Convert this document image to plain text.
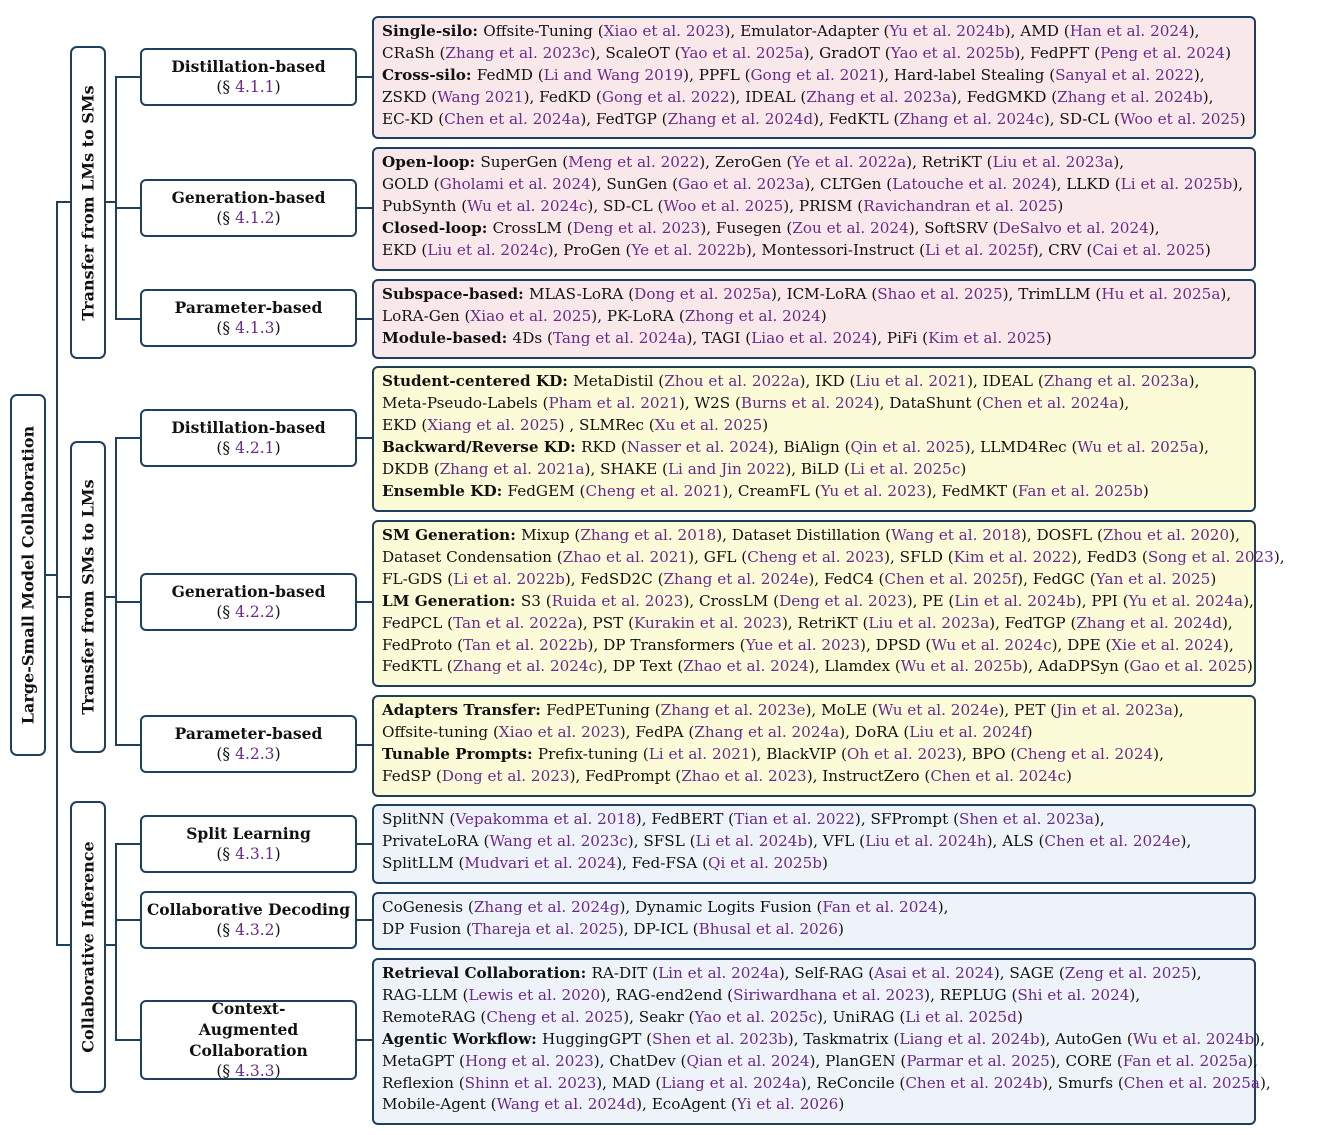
Large-Small Model Collaboration
Transfer from LMs to SMs
Transfer from SMs to LMs
Collaborative Inference
Distillation-based
(§ 4.1.1)
Generation-based
(§ 4.1.2)
Parameter-based
(§ 4.1.3)
Distillation-based
(§ 4.2.1)
Generation-based
(§ 4.2.2)
Parameter-based
(§ 4.2.3)
Split Learning
(§ 4.3.1)
Collaborative Decoding
(§ 4.3.2)
Context-Augmented Collaboration
(§ 4.3.3)
Single-silo: Offsite-Tuning (Xiao et al. 2023), Emulator-Adapter (Yu et al. 2024b), AMD (Han et al. 2024),
CRaSh (Zhang et al. 2023c), ScaleOT (Yao et al. 2025a), GradOT (Yao et al. 2025b), FedPFT (Peng et al. 2024)
Cross-silo: FedMD (Li and Wang 2019), PPFL (Gong et al. 2021), Hard-label Stealing (Sanyal et al. 2022),
ZSKD (Wang 2021), FedKD (Gong et al. 2022), IDEAL (Zhang et al. 2023a), FedGMKD (Zhang et al. 2024b),
EC-KD (Chen et al. 2024a), FedTGP (Zhang et al. 2024d), FedKTL (Zhang et al. 2024c), SD-CL (Woo et al. 2025)
Open-loop: SuperGen (Meng et al. 2022), ZeroGen (Ye et al. 2022a), RetriKT (Liu et al. 2023a),
GOLD (Gholami et al. 2024), SunGen (Gao et al. 2023a), CLTGen (Latouche et al. 2024), LLKD (Li et al. 2025b),
PubSynth (Wu et al. 2024c), SD-CL (Woo et al. 2025), PRISM (Ravichandran et al. 2025)
Closed-loop: CrossLM (Deng et al. 2023), Fusegen (Zou et al. 2024), SoftSRV (DeSalvo et al. 2024),
EKD (Liu et al. 2024c), ProGen (Ye et al. 2022b), Montessori-Instruct (Li et al. 2025f), CRV (Cai et al. 2025)
Subspace-based: MLAS-LoRA (Dong et al. 2025a), ICM-LoRA (Shao et al. 2025), TrimLLM (Hu et al. 2025a),
LoRA-Gen (Xiao et al. 2025), PK-LoRA (Zhong et al. 2024)
Module-based: 4Ds (Tang et al. 2024a), TAGI (Liao et al. 2024), PiFi (Kim et al. 2025)
Student-centered KD: MetaDistil (Zhou et al. 2022a), IKD (Liu et al. 2021), IDEAL (Zhang et al. 2023a),
Meta-Pseudo-Labels (Pham et al. 2021), W2S (Burns et al. 2024), DataShunt (Chen et al. 2024a),
EKD (Xiang et al. 2025) , SLMRec (Xu et al. 2025)
Backward/Reverse KD: RKD (Nasser et al. 2024), BiAlign (Qin et al. 2025), LLMD4Rec (Wu et al. 2025a),
DKDB (Zhang et al. 2021a), SHAKE (Li and Jin 2022), BiLD (Li et al. 2025c)
Ensemble KD: FedGEM (Cheng et al. 2021), CreamFL (Yu et al. 2023), FedMKT (Fan et al. 2025b)
SM Generation: Mixup (Zhang et al. 2018), Dataset Distillation (Wang et al. 2018), DOSFL (Zhou et al. 2020),
Dataset Condensation (Zhao et al. 2021), GFL (Cheng et al. 2023), SFLD (Kim et al. 2022), FedD3 (Song et al. 2023),
FL-GDS (Li et al. 2022b), FedSD2C (Zhang et al. 2024e), FedC4 (Chen et al. 2025f), FedGC (Yan et al. 2025)
LM Generation: S3 (Ruida et al. 2023), CrossLM (Deng et al. 2023), PE (Lin et al. 2024b), PPI (Yu et al. 2024a),
FedPCL (Tan et al. 2022a), PST (Kurakin et al. 2023), RetriKT (Liu et al. 2023a), FedTGP (Zhang et al. 2024d),
FedProto (Tan et al. 2022b), DP Transformers (Yue et al. 2023), DPSD (Wu et al. 2024c), DPE (Xie et al. 2024),
FedKTL (Zhang et al. 2024c), DP Text (Zhao et al. 2024), Llamdex (Wu et al. 2025b), AdaDPSyn (Gao et al. 2025)
Adapters Transfer: FedPETuning (Zhang et al. 2023e), MoLE (Wu et al. 2024e), PET (Jin et al. 2023a),
Offsite-tuning (Xiao et al. 2023), FedPA (Zhang et al. 2024a), DoRA (Liu et al. 2024f)
Tunable Prompts: Prefix-tuning (Li et al. 2021), BlackVIP (Oh et al. 2023), BPO (Cheng et al. 2024),
FedSP (Dong et al. 2023), FedPrompt (Zhao et al. 2023), InstructZero (Chen et al. 2024c)
SplitNN (Vepakomma et al. 2018), FedBERT (Tian et al. 2022), SFPrompt (Shen et al. 2023a),
PrivateLoRA (Wang et al. 2023c), SFSL (Li et al. 2024b), VFL (Liu et al. 2024h), ALS (Chen et al. 2024e),
SplitLLM (Mudvari et al. 2024), Fed-FSA (Qi et al. 2025b)
CoGenesis (Zhang et al. 2024g), Dynamic Logits Fusion (Fan et al. 2024),
DP Fusion (Thareja et al. 2025), DP-ICL (Bhusal et al. 2026)
Retrieval Collaboration: RA-DIT (Lin et al. 2024a), Self-RAG (Asai et al. 2024), SAGE (Zeng et al. 2025),
RAG-LLM (Lewis et al. 2020), RAG-end2end (Siriwardhana et al. 2023), REPLUG (Shi et al. 2024),
RemoteRAG (Cheng et al. 2025), Seakr (Yao et al. 2025c), UniRAG (Li et al. 2025d)
Agentic Workflow: HuggingGPT (Shen et al. 2023b), Taskmatrix (Liang et al. 2024b), AutoGen (Wu et al. 2024b),
MetaGPT (Hong et al. 2023), ChatDev (Qian et al. 2024), PlanGEN (Parmar et al. 2025), CORE (Fan et al. 2025a),
Reflexion (Shinn et al. 2023), MAD (Liang et al. 2024a), ReConcile (Chen et al. 2024b), Smurfs (Chen et al. 2025a),
Mobile-Agent (Wang et al. 2024d), EcoAgent (Yi et al. 2026)
